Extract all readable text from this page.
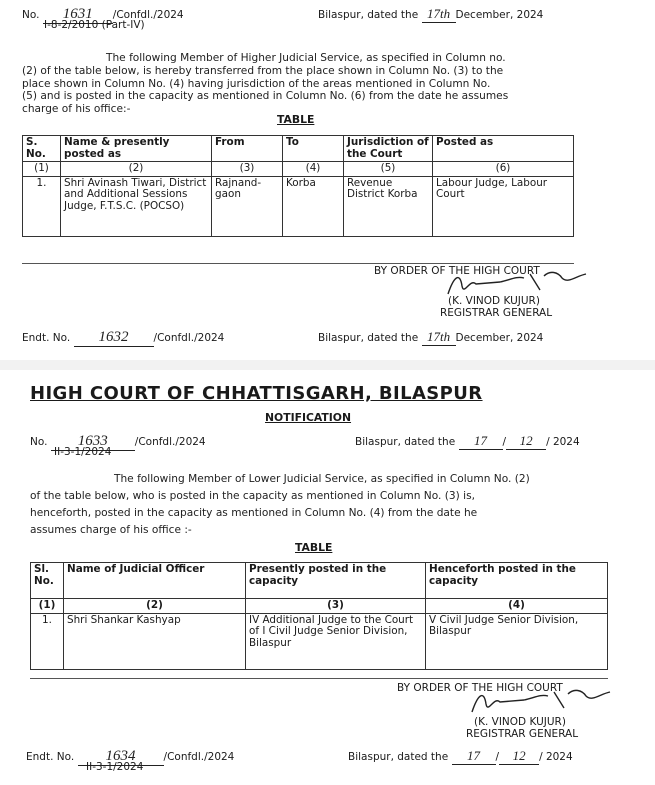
No. 1631 /Confdl./2024
I-8-2/2010 (Part-IV)
Bilaspur, dated the 17th December, 2024
The following Member of Higher Judicial Service, as specified in Column no.
(2) of the table below, is hereby transferred from the place shown in Column No. (3) to the
place shown in Column No. (4) having jurisdiction of the areas mentioned in Column No.
(5) and is posted in the capacity as mentioned in Column No. (6) from the date he assumes
charge of his office:-
TABLE
S. No.	Name & presently posted as	From	To	Jurisdiction of the Court	Posted as
(1)	(2)	(3)	(4)	(5)	(6)
1.	Shri Avinash Tiwari, District and Additional Sessions Judge, F.T.S.C. (POCSO)	Rajnand-gaon	Korba	Revenue District Korba	Labour Judge, Labour Court
BY ORDER OF THE HIGH COURT
(K. VINOD KUJUR)
REGISTRAR GENERAL
Endt. No. 1632 /Confdl./2024	Bilaspur, dated the 17th December, 2024
HIGH COURT OF CHHATTISGARH, BILASPUR
NOTIFICATION
No. 1633	/Confdl./2024
II-3-1/2024
Bilaspur, dated the 17 / 12 / 2024
The following Member of Lower Judicial Service, as specified in Column No. (2)
of the table below, who is posted in the capacity as mentioned in Column No. (3) is,
henceforth, posted in the capacity as mentioned in Column No. (4) from the date he
assumes charge of his office :-
TABLE
Sl. No.	Name of Judicial Officer	Presently posted in the capacity	Henceforth posted in the capacity
(1)	(2)	(3)	(4)
1.	Shri Shankar Kashyap	IV Additional Judge to the Court of I Civil Judge Senior Division, Bilaspur	V Civil Judge Senior Division, Bilaspur
BY ORDER OF THE HIGH COURT
(K. VINOD KUJUR)
REGISTRAR GENERAL
Endt. No. 1634	/Confdl./2024
II-3-1/2024
Bilaspur, dated the 17 / 12 / 2024
